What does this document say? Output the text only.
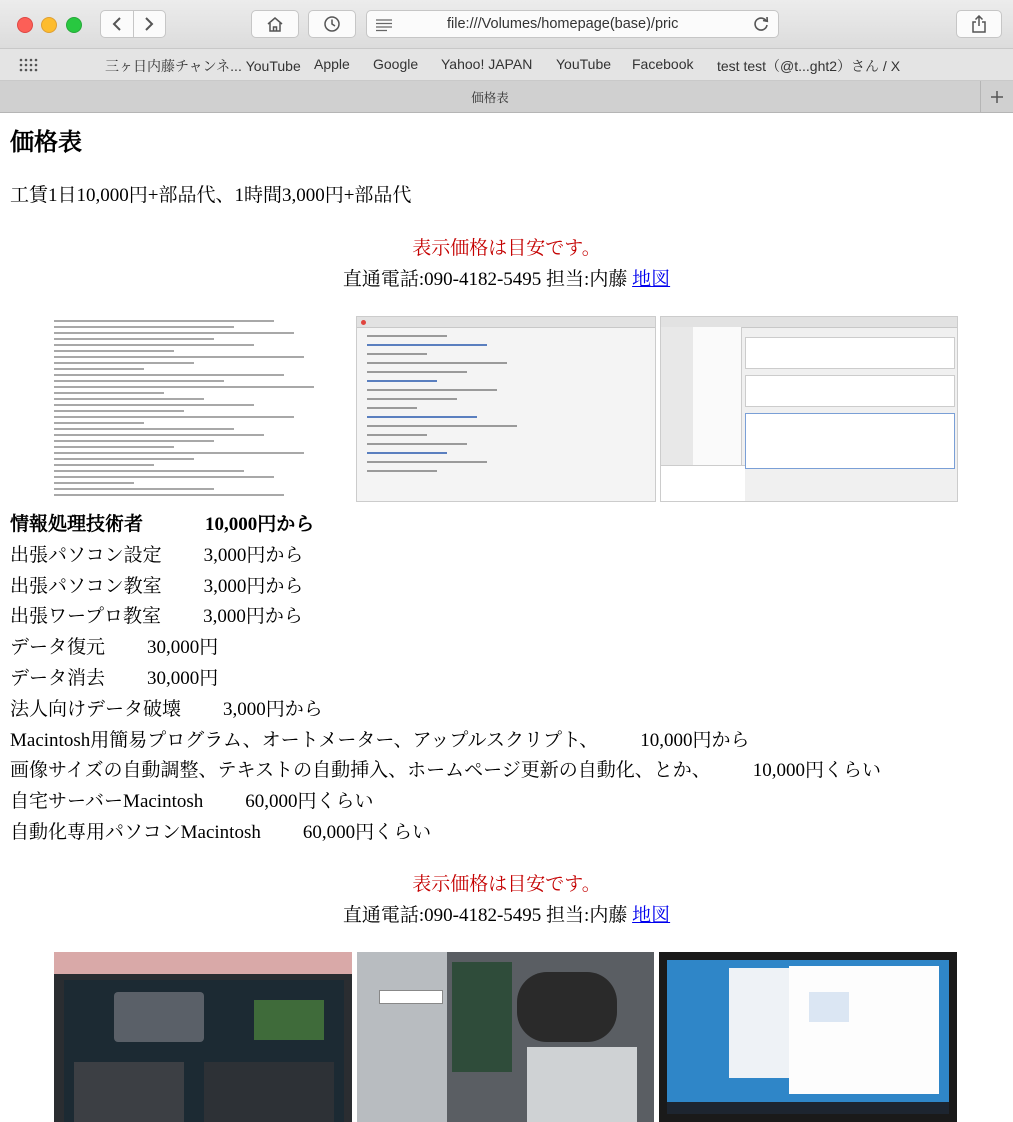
file:///Volumes/homepage(base)/pric
三ヶ日内藤チャンネ... YouTube Apple Google Yahoo! JAPAN YouTube Facebook test test（@t...ght2）さん / X
価格表
価格表
工賃1日10,000円+部品代、1時間3,000円+部品代
表示価格は目安です。
直通電話:090-4182-5495 担当:内藤 地図
情報処理技術者	10,000円から
出張パソコン設定 3,000円から
出張パソコン教室 3,000円から
出張ワープロ教室 3,000円から
データ復元 30,000円
データ消去 30,000円
法人向けデータ破壊 3,000円から
Macintosh用簡易プログラム、オートメーター、アップルスクリプト、 10,000円から
画像サイズの自動調整、テキストの自動挿入、ホームページ更新の自動化、とか、 10,000円くらい
自宅サーバーMacintosh 60,000円くらい
自動化専用パソコンMacintosh 60,000円くらい
表示価格は目安です。
直通電話:090-4182-5495 担当:内藤 地図
